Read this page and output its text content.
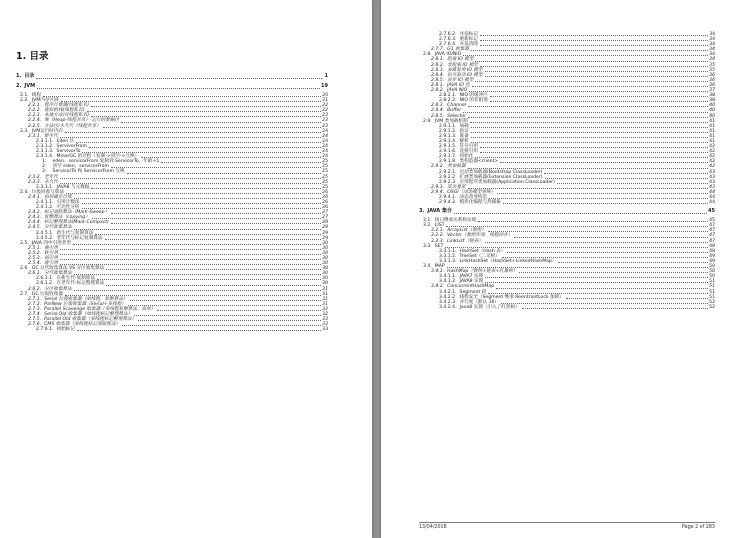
1. 目录
1. 目录	1
2. JVM	19
2.1. 线程	20
2.2. JVM内存区域	21
2.2.1. 程序计数器(线程私有)	22
2.2.2. 虚拟机栈(线程私有)	22
2.2.3. 本地方法区(线程私有)	23
2.2.4. 堆（Heap-线程共享）-运行时数据区	23
2.2.5. 方法区/永久代（线程共享）	23
2.3. JVM运行时内存	24
2.3.1. 新生代	24
2.3.1.1. Eden 区	24
2.3.1.2. ServivorFrom	24
2.3.1.3. ServivorTo	24
2.3.1.4. MinorGC 的过程（复制->清空->互换）	24
1： eden、servicorFrom 复制到 ServicorTo，年龄+1	25
2： 清空 eden、servicorFrom	25
3： ServicorTo 和 ServicorFrom 互换	25
2.3.2. 老年代	25
2.3.3. 永久代	25
2.3.3.1. JAVA8 与元数据	25
2.4. 垃圾回收与算法	26
2.4.1. 如何确定垃圾	26
2.4.1.1. 引用计数法	26
2.4.1.2. 可达性分析	26
2.4.2. 标记清除算法（Mark-Sweep）	27
2.4.3. 复制算法（copying）	27
2.4.4. 标记整理算法(Mark-Compact)	28
2.4.5. 分代收集算法	29
2.4.5.1. 新生代与复制算法	29
2.4.5.2. 老年代与标记复制算法	29
2.5. JAVA 四中引用类型	30
2.5.1. 强引用	30
2.5.2. 软引用	30
2.5.3. 弱引用	30
2.5.4. 虚引用	30
2.6. GC 分代收集算法 VS 分区收集算法	30
2.6.1. 分代收集算法	30
2.6.1.1. 在新生代-复制算法	30
2.6.1.2. 在老年代-标记整理算法	30
2.6.2. 分区收集算法	31
2.7. GC 垃圾收集器	31
2.7.1. Serial 垃圾收集器（单线程、复制算法）	31
2.7.2. ParNew 垃圾收集器（Serial+多线程）	31
2.7.3. Parallel Scavenge 收集器（多线程复制算法、高效）	32
2.7.4. Serial Old 收集器（单线程标记整理算法）	32
2.7.5. Parallel Old 收集器（多线程标记整理算法）	33
2.7.6. CMS 收集器（多线程标记清除算法）	33
2.7.6.1. 初始标记	33
2.7.6.2. 并发标记	34
2.7.6.3. 重新标记	34
2.7.6.4. 并发清除	34
2.7.7. G1 收集器	34
2.8. JAVA IO/NIO	34
2.8.1. 阻塞 IO 模型	34
2.8.2. 非阻塞 IO 模型	35
2.8.3. 多路复用 IO 模型	35
2.8.4. 信号驱动 IO 模型	36
2.8.5. 异步 IO 模型	36
2.8.1. JAVA IO 包	36
2.8.2. JAVA NIO	37
2.8.2.1. NIO 的缓冲区	38
2.8.2.2. NIO 的非阻塞	38
2.8.3. Channel	40
2.8.4. Buffer	40
2.8.5. Selector	40
2.9. JVM 类加载机制	41
2.9.1.1. 加载	41
2.9.1.2. 验证	41
2.9.1.3. 准备	41
2.9.1.4. 解析	41
2.9.1.5. 符号引用	42
2.9.1.6. 直接引用	42
2.9.1.7. 初始化	42
2.9.1.8. 类构造器<client>	42
2.9.2. 类加载器	42
2.9.2.1. 启动类加载器(Bootstrap ClassLoader)	43
2.9.2.2. 扩展类加载器(Extension ClassLoader)	43
2.9.2.3. 应用程序类加载器(Application ClassLoader)	43
2.9.3. 双亲委派	43
2.9.4. OSGI（动态模型系统）	44
2.9.4.1. 动态改变构造	44
2.9.4.2. 模块化编程与热插拔	44
3. JAVA 集合	45
3.1. 接口继承关系和实现	45
3.2. LIST	47
3.2.1. ArrayList（数组）	47
3.2.2. Vector（数组实现、线程同步）	47
3.2.3. LinkList（链表）	47
3.3. SET	48
3.3.1.1. HashSet（Hash 表）	48
3.3.1.2. TreeSet（二叉树）	49
3.3.1.3. LinkHashSet（HashSet+LinkedHashMap）	49
3.4. MAP	50
3.4.1. HashMap（数组+链表+红黑树）	50
3.4.1.1. JAVA7 实现	50
3.4.1.2. JAVA8 实现	51
3.4.2. ConcurrentHashMap	51
3.4.2.1. Segment 段	51
3.4.2.2. 线程安全（Segment 继承 ReentrantLock 加锁）	51
3.4.2.3. 并行度（默认 16）	52
3.4.2.4. Java8 实现（引入了红黑树）	52
13/04/2018	Page 2 of 283
